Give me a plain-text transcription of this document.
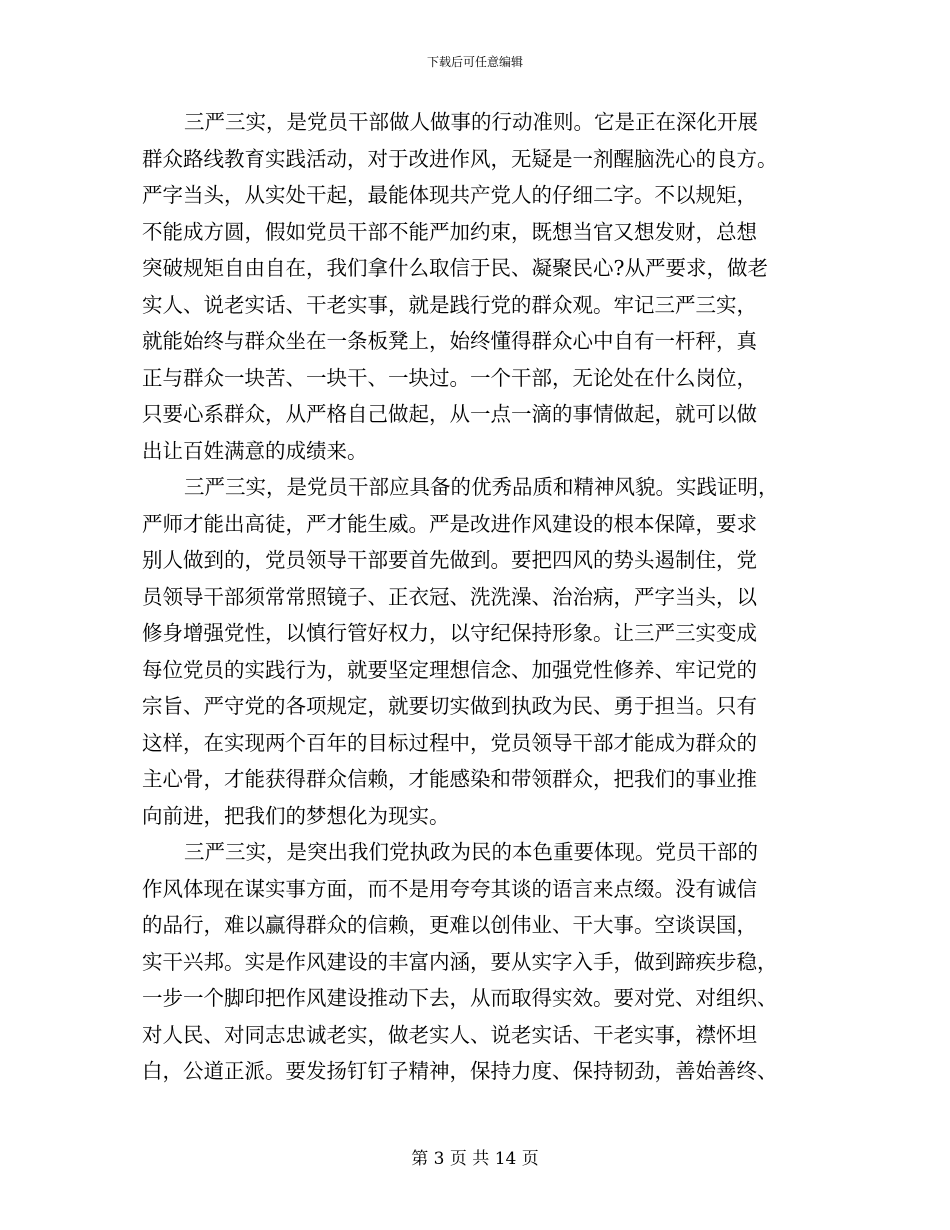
下载后可任意编辑
三严三实，是党员干部做人做事的行动准则。它是正在深化开展
群众路线教育实践活动，对于改进作风，无疑是一剂醒脑洗心的良方。
严字当头，从实处干起，最能体现共产党人的仔细二字。不以规矩，
不能成方圆，假如党员干部不能严加约束，既想当官又想发财，总想
突破规矩自由自在，我们拿什么取信于民、凝聚民心?从严要求，做老
实人、说老实话、干老实事，就是践行党的群众观。牢记三严三实，
就能始终与群众坐在一条板凳上，始终懂得群众心中自有一杆秤，真
正与群众一块苦、一块干、一块过。一个干部，无论处在什么岗位，
只要心系群众，从严格自己做起，从一点一滴的事情做起，就可以做
出让百姓满意的成绩来。
三严三实，是党员干部应具备的优秀品质和精神风貌。实践证明，
严师才能出高徒，严才能生威。严是改进作风建设的根本保障，要求
别人做到的，党员领导干部要首先做到。要把四风的势头遏制住，党
员领导干部须常常照镜子、正衣冠、洗洗澡、治治病，严字当头，以
修身增强党性，以慎行管好权力，以守纪保持形象。让三严三实变成
每位党员的实践行为，就要坚定理想信念、加强党性修养、牢记党的
宗旨、严守党的各项规定，就要切实做到执政为民、勇于担当。只有
这样，在实现两个百年的目标过程中，党员领导干部才能成为群众的
主心骨，才能获得群众信赖，才能感染和带领群众，把我们的事业推
向前进，把我们的梦想化为现实。
三严三实，是突出我们党执政为民的本色重要体现。党员干部的
作风体现在谋实事方面，而不是用夸夸其谈的语言来点缀。没有诚信
的品行，难以赢得群众的信赖，更难以创伟业、干大事。空谈误国，
实干兴邦。实是作风建设的丰富内涵，要从实字入手，做到蹄疾步稳，
一步一个脚印把作风建设推动下去，从而取得实效。要对党、对组织、
对人民、对同志忠诚老实，做老实人、说老实话、干老实事，襟怀坦
白，公道正派。要发扬钉钉子精神，保持力度、保持韧劲，善始善终、
第 3 页 共 14 页
